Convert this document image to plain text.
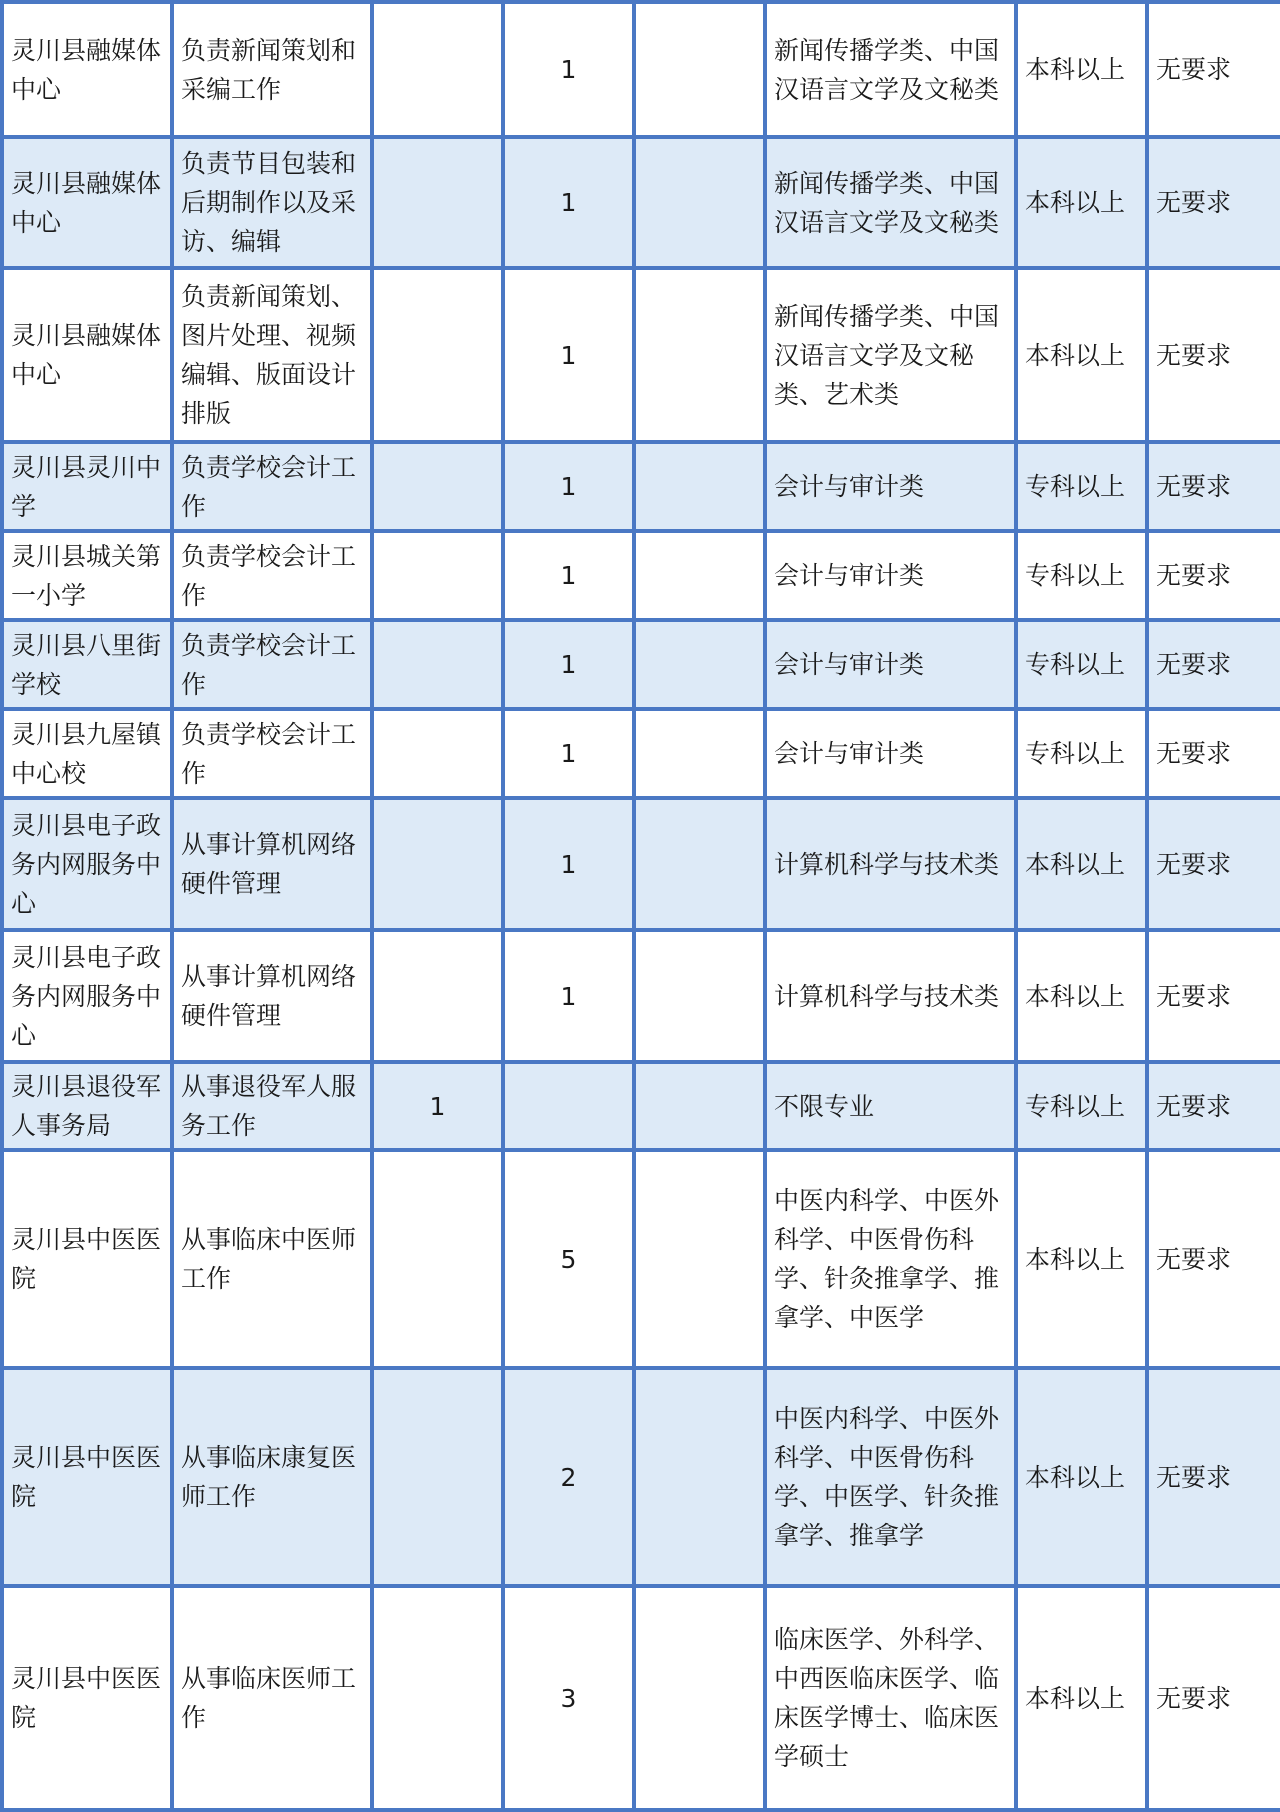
灵川县融媒体中心	负责新闻策划和采编工作		1		新闻传播学类、中国汉语言文学及文秘类	本科以上	无要求
灵川县融媒体中心	负责节目包装和后期制作以及采访、编辑		1		新闻传播学类、中国汉语言文学及文秘类	本科以上	无要求
灵川县融媒体中心	负责新闻策划、图片处理、视频编辑、版面设计排版		1		新闻传播学类、中国汉语言文学及文秘类、艺术类	本科以上	无要求
灵川县灵川中学	负责学校会计工作		1		会计与审计类	专科以上	无要求
灵川县城关第一小学	负责学校会计工作		1		会计与审计类	专科以上	无要求
灵川县八里街学校	负责学校会计工作		1		会计与审计类	专科以上	无要求
灵川县九屋镇中心校	负责学校会计工作		1		会计与审计类	专科以上	无要求
灵川县电子政务内网服务中心	从事计算机网络硬件管理		1		计算机科学与技术类	本科以上	无要求
灵川县电子政务内网服务中心	从事计算机网络硬件管理		1		计算机科学与技术类	本科以上	无要求
灵川县退役军人事务局	从事退役军人服务工作	1			不限专业	专科以上	无要求
灵川县中医医院	从事临床中医师工作		5		中医内科学、中医外科学、中医骨伤科学、针灸推拿学、推拿学、中医学	本科以上	无要求
灵川县中医医院	从事临床康复医师工作		2		中医内科学、中医外科学、中医骨伤科学、中医学、针灸推拿学、推拿学	本科以上	无要求
灵川县中医医院	从事临床医师工作		3		临床医学、外科学、中西医临床医学、临床医学博士、临床医学硕士	本科以上	无要求
